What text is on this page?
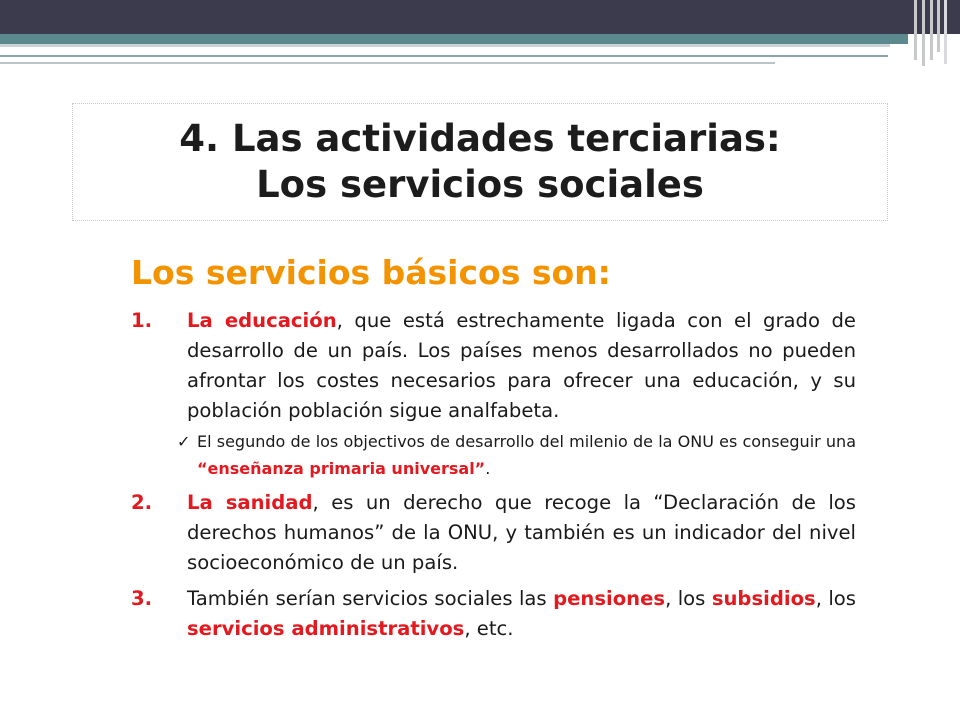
4. Las actividades terciarias:
Los servicios sociales
Los servicios básicos son:
1. La educación, que está estrechamente ligada con el grado de desarrollo de un país. Los países menos desarrollados no pueden afrontar los costes necesarios para ofrecer una educación, y su población población sigue analfabeta.
✓ El segundo de los objectivos de desarrollo del milenio de la ONU es conseguir una “enseñanza primaria universal”.
2. La sanidad, es un derecho que recoge la “Declaración de los derechos humanos” de la ONU, y también es un indicador del nivel socioeconómico de un país.
3. También serían servicios sociales las pensiones, los subsidios, los servicios administrativos, etc.
